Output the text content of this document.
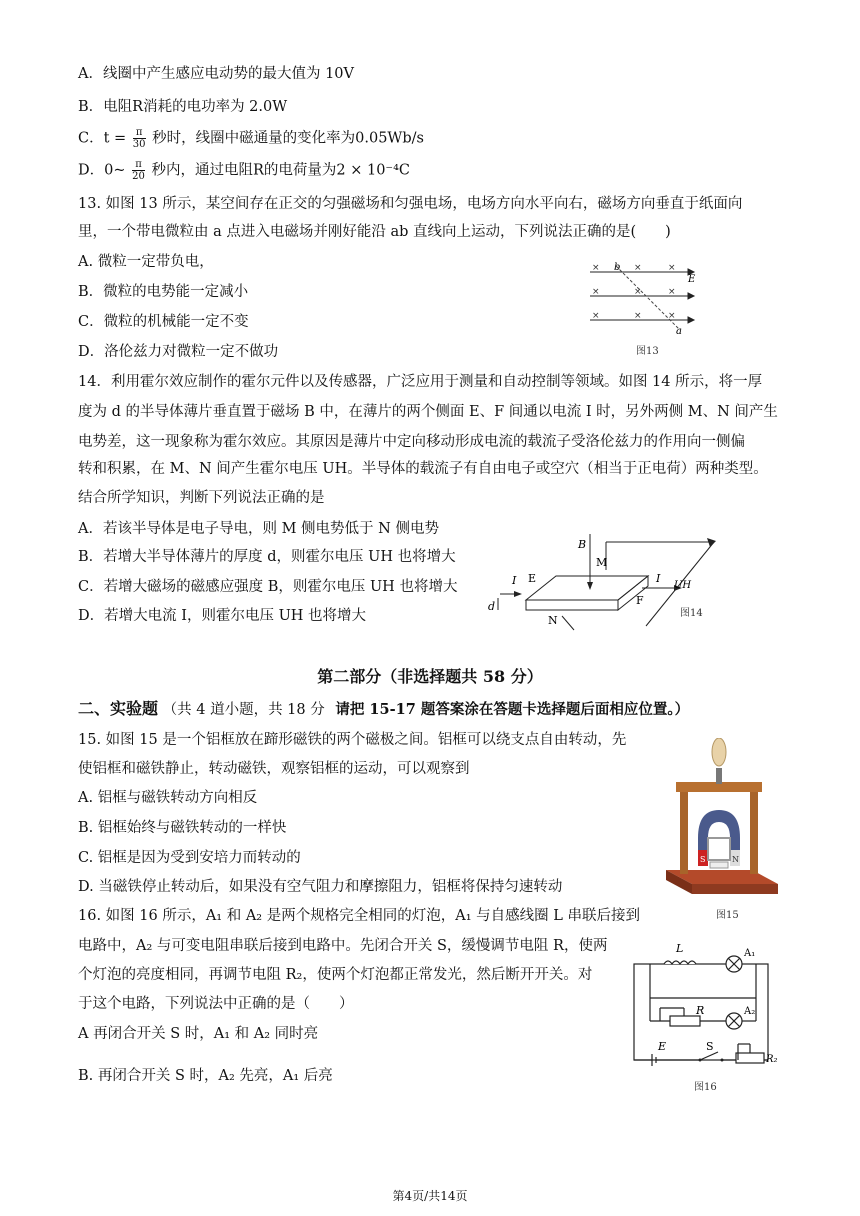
A．线圈中产生感应电动势的最大值为 10V
B．电阻R消耗的电功率为 2.0W
C．$t = \frac{\pi}{30}$ 秒时，线圈中磁通量的变化率为0.05Wb/s
D．0~ $\frac{\pi}{20}$ 秒内，通过电阻R的电荷量为2 × 10⁻⁴C
13. 如图 13 所示，某空间存在正交的匀强磁场和匀强电场，电场方向水平向右，磁场方向垂直于纸面向
里，一个带电微粒由 a 点进入电磁场并刚好能沿 ab 直线向上运动，下列说法正确的是(　　)
A. 微粒一定带负电，
B．微粒的电势能一定减小
C．微粒的机械能一定不变
D．洛伦兹力对微粒一定不做功
×	×	×
×	×	×
×	×	×
b
a
E
图13
14．利用霍尔效应制作的霍尔元件以及传感器，广泛应用于测量和自动控制等领域。如图 14 所示，将一厚
度为 d 的半导体薄片垂直置于磁场 B 中，在薄片的两个侧面 E、F 间通以电流 I 时，另外两侧 M、N 间产生
电势差，这一现象称为霍尔效应。其原因是薄片中定向移动形成电流的载流子受洛伦兹力的作用向一侧偏
转和积累，在 M、N 间产生霍尔电压 UH。半导体的载流子有自由电子或空穴（相当于正电荷）两种类型。
结合所学知识，判断下列说法正确的是
A．若该半导体是电子导电，则 M 侧电势低于 N 侧电势
B．若增大半导体薄片的厚度 d，则霍尔电压 UH 也将增大
C．若增大磁场的磁感应强度 B，则霍尔电压 UH 也将增大
D．若增大电流 I，则霍尔电压 UH 也将增大
B
M
N
E
F
I	I
d
UH
图14
第二部分（非选择题共 58 分）
二、实验题 （共 4 道小题，共 18 分 请把 15-17 题答案涂在答题卡选择题后面相应位置。）
15. 如图 15 是一个铝框放在蹄形磁铁的两个磁极之间。铝框可以绕支点自由转动，先
使铝框和磁铁静止，转动磁铁，观察铝框的运动，可以观察到
A. 铝框与磁铁转动方向相反
B. 铝框始终与磁铁转动的一样快
C. 铝框是因为受到安培力而转动的
D. 当磁铁停止转动后，如果没有空气阻力和摩擦阻力，铝框将保持匀速转动
S	N
图15
16. 如图 16 所示，A₁ 和 A₂ 是两个规格完全相同的灯泡，A₁ 与自感线圈 L 串联后接到
电路中，A₂ 与可变电阻串联后接到电路中。先闭合开关 S，缓慢调节电阻 R，使两
个灯泡的亮度相同，再调节电阻 R₂，使两个灯泡都正常发光，然后断开开关。对
于这个电路，下列说法中正确的是（　　）
A 再闭合开关 S 时，A₁ 和 A₂ 同时亮
B. 再闭合开关 S 时，A₂ 先亮，A₁ 后亮
L	A₁
A₂
R
R₂
E	S
图16
第4页/共14页
